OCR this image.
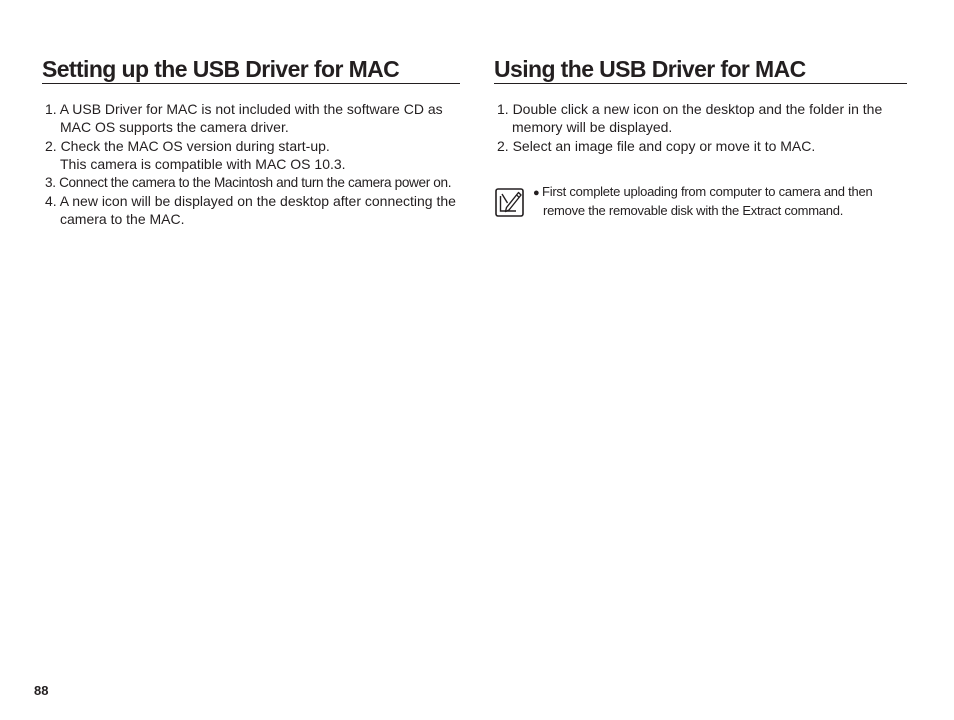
Setting up the USB Driver for MAC
1. A USB Driver for MAC is not included with the software CD as
MAC OS supports the camera driver.
2. Check the MAC OS version during start-up.
This camera is compatible with MAC OS 10.3.
3. Connect the camera to the Macintosh and turn the camera power on.
4. A new icon will be displayed on the desktop after connecting the
camera to the MAC.
Using the USB Driver for MAC
1. Double click a new icon on the desktop and the folder in the
memory will be displayed.
2. Select an image file and copy or move it to MAC.
● First complete uploading from computer to camera and then
remove the removable disk with the Extract command.
88
